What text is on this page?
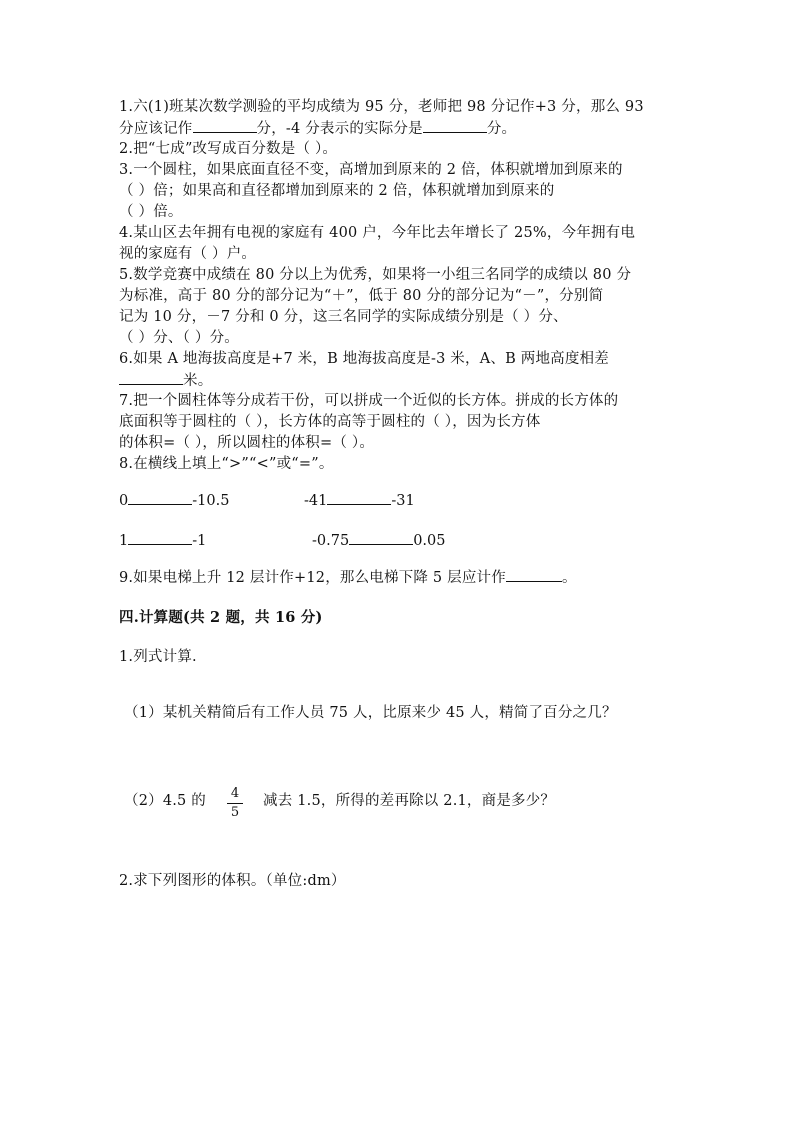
1.六(1)班某次数学测验的平均成绩为 95 分，老师把 98 分记作+3 分，那么 93
分应该记作	分，-4 分表示的实际分是	分。
2.把“七成”改写成百分数是（ ）。
3.一个圆柱，如果底面直径不变，高增加到原来的 2 倍，体积就增加到原来的
（ ）倍；如果高和直径都增加到原来的 2 倍，体积就增加到原来的
（ ）倍。
4.某山区去年拥有电视的家庭有 400 户，今年比去年增长了 25%，今年拥有电
视的家庭有（ ）户。
5.数学竞赛中成绩在 80 分以上为优秀，如果将一小组三名同学的成绩以 80 分
为标准，高于 80 分的部分记为“＋”，低于 80 分的部分记为“－”，分别简
记为 10 分，－7 分和 0 分，这三名同学的实际成绩分别是（ ）分、
（ ）分、（ ）分。
6.如果 A 地海拔高度是+7 米，B 地海拔高度是-3 米，A、B 两地高度相差
米。
7.把一个圆柱体等分成若干份，可以拼成一个近似的长方体。拼成的长方体的
底面积等于圆柱的（ ），长方体的高等于圆柱的（ ），因为长方体
的体积=（ ），所以圆柱的体积=（ ）。
8.在横线上填上“>”“<”或“=”。
0	-10.5	-41	-31
1	-1	-0.75	0.05
9.如果电梯上升 12 层计作+12，那么电梯下降 5 层应计作	。
四.计算题(共 2 题，共 16 分)
1.列式计算.
（1）某机关精简后有工作人员 75 人，比原来少 45 人，精简了百分之几？
（2）4.5 的 4
5
减去 1.5，所得的差再除以 2.1，商是多少？
2.求下列图形的体积。（单位:dm）
